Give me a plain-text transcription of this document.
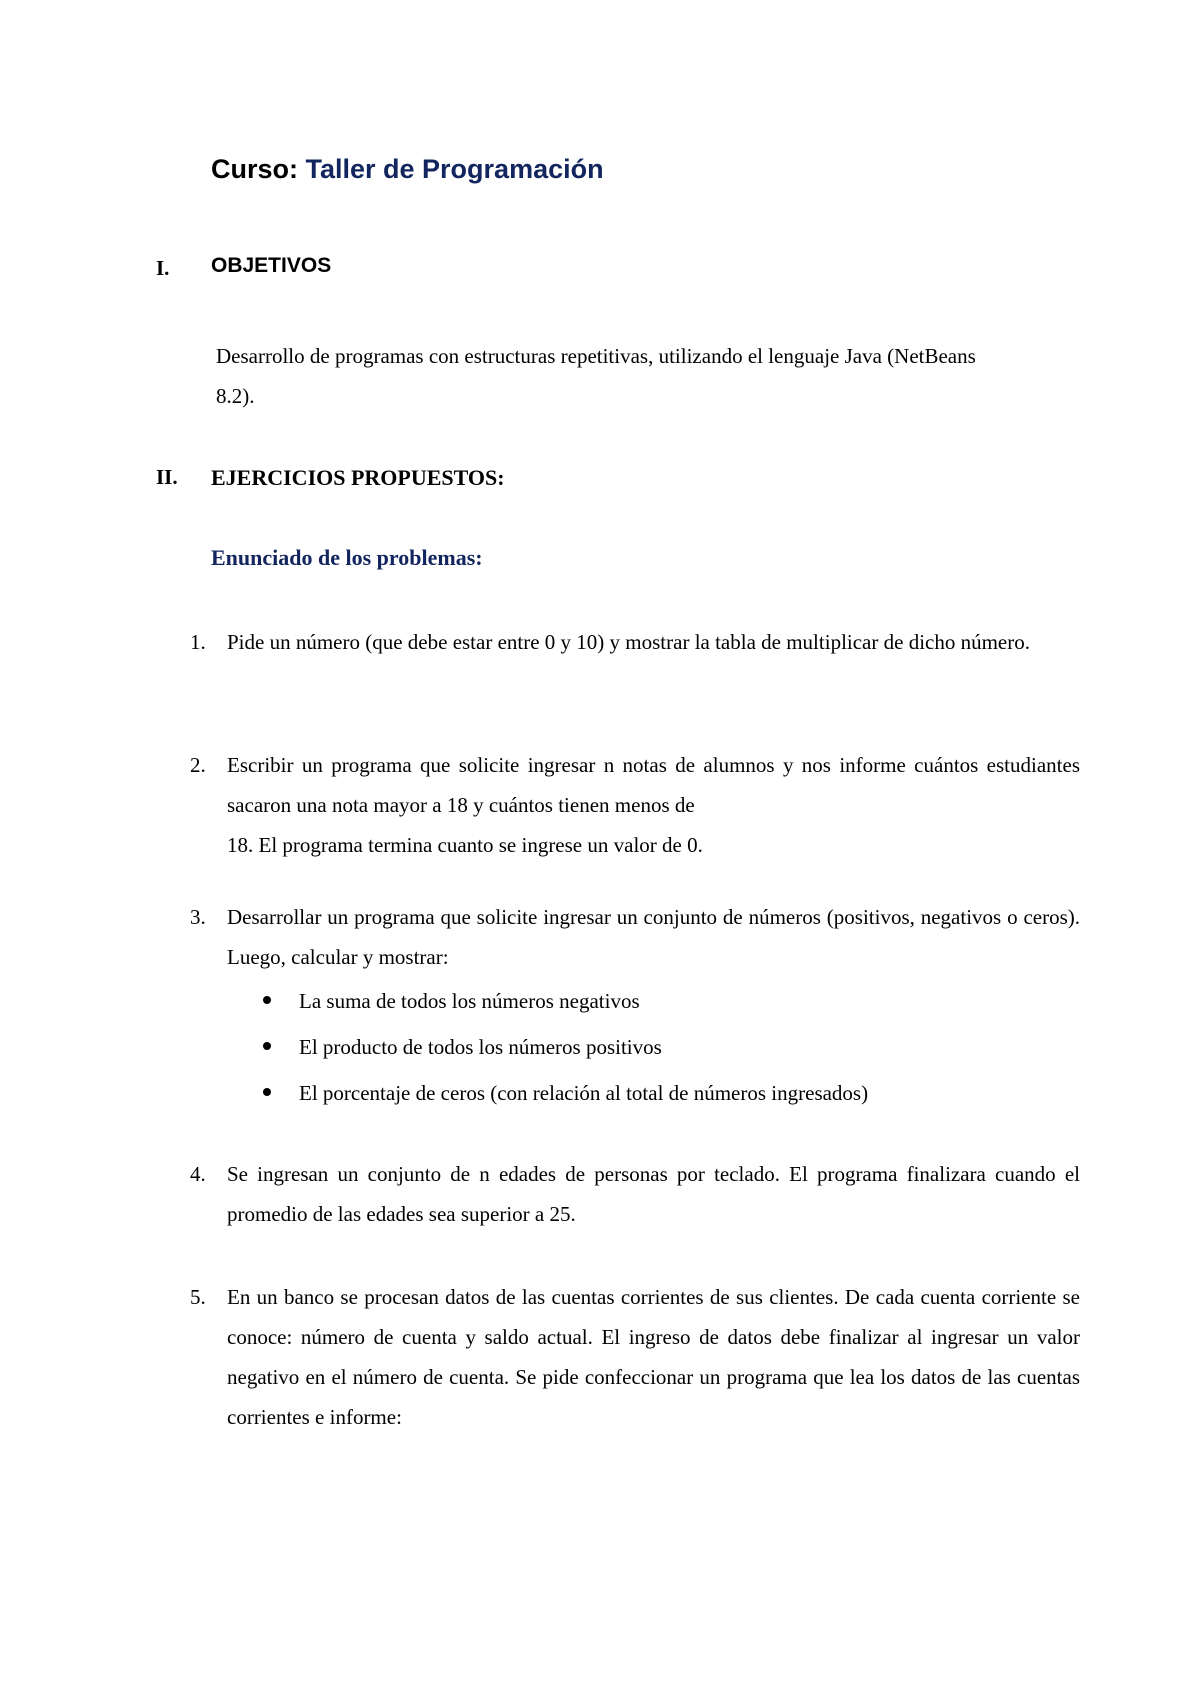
Curso: Taller de Programación
I. OBJETIVOS
Desarrollo de programas con estructuras repetitivas, utilizando el lenguaje Java (NetBeans 8.2).
II. EJERCICIOS PROPUESTOS:
Enunciado de los problemas:
1. Pide un número (que debe estar entre 0 y 10) y mostrar la tabla de multiplicar de dicho número.
2. Escribir un programa que solicite ingresar n notas de alumnos y nos informe cuántos estudiantes sacaron una nota mayor a 18 y cuántos tienen menos de
18. El programa termina cuanto se ingrese un valor de 0.
3. Desarrollar un programa que solicite ingresar un conjunto de números (positivos, negativos o ceros). Luego, calcular y mostrar:
La suma de todos los números negativos
El producto de todos los números positivos
El porcentaje de ceros (con relación al total de números ingresados)
4. Se ingresan un conjunto de n edades de personas por teclado. El programa finalizara cuando el promedio de las edades sea superior a 25.
5. En un banco se procesan datos de las cuentas corrientes de sus clientes. De cada cuenta corriente se conoce: número de cuenta y saldo actual. El ingreso de datos debe finalizar al ingresar un valor negativo en el número de cuenta. Se pide confeccionar un programa que lea los datos de las cuentas corrientes e informe:
